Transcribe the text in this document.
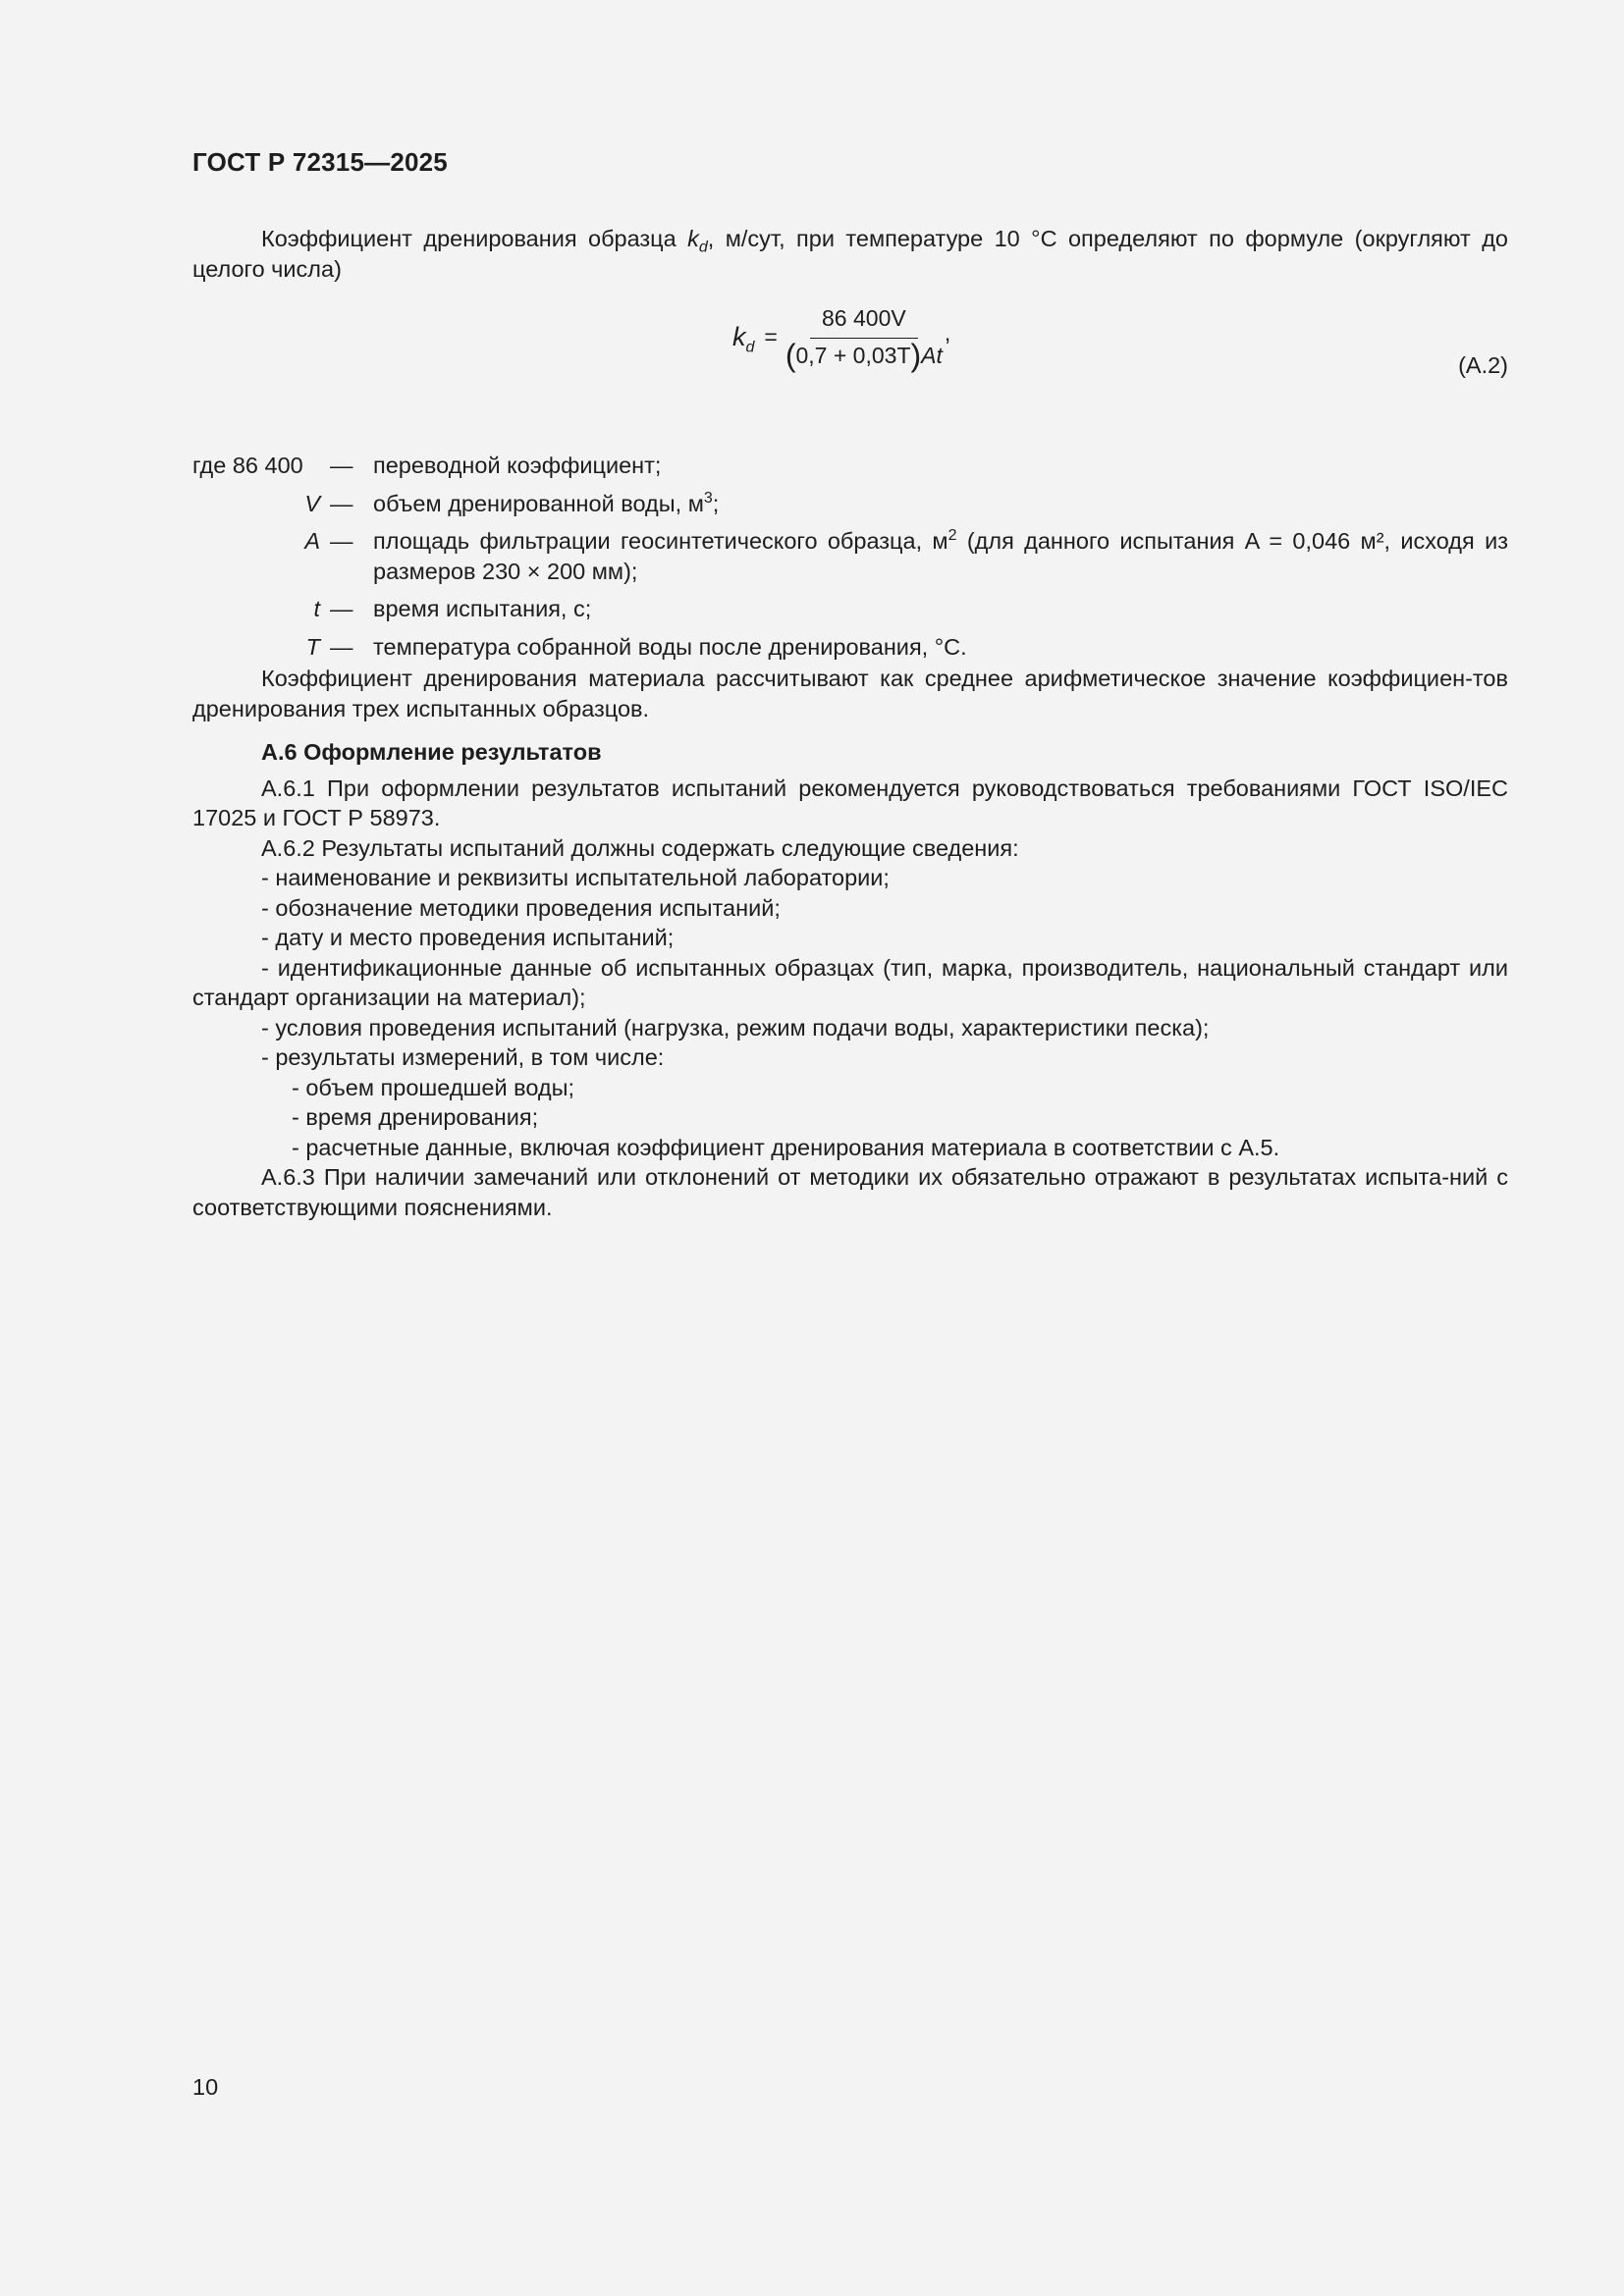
ГОСТ Р 72315—2025

Коэффициент дренирования образца $k_d$, м/сут, при температуре 10 °С определяют по формуле (округляют до целого числа)

$k_d = \frac{86 400V}{(0,7 + 0,03T)At}$ ,
(А.2)
где 86 400	— переводной коэффициент;
V — объем дренированной воды, $м^3$;
A — площадь фильтрации геосинтетического образца, $м^2$ (для данного испытания A = 0,046 м², исходя из размеров 230 × 200 мм);
t — время испытания, с;
T — температура собранной воды после дренирования, °С.

Коэффициент дренирования материала рассчитывают как среднее арифметическое значение коэффициен-тов дренирования трех испытанных образцов.

А.6 Оформление результатов

А.6.1 При оформлении результатов испытаний рекомендуется руководствоваться требованиями ГОСТ ISO/IEC 17025 и ГОСТ Р 58973.

А.6.2 Результаты испытаний должны содержать следующие сведения:

- наименование и реквизиты испытательной лаборатории;

- обозначение методики проведения испытаний;

- дату и место проведения испытаний;

- идентификационные данные об испытанных образцах (тип, марка, производитель, национальный стандарт или стандарт организации на материал);

- условия проведения испытаний (нагрузка, режим подачи воды, характеристики песка);

- результаты измерений, в том числе:

- объем прошедшей воды;

- время дренирования;

- расчетные данные, включая коэффициент дренирования материала в соответствии с А.5.

А.6.3 При наличии замечаний или отклонений от методики их обязательно отражают в результатах испыта-ний с соответствующими пояснениями.

10
